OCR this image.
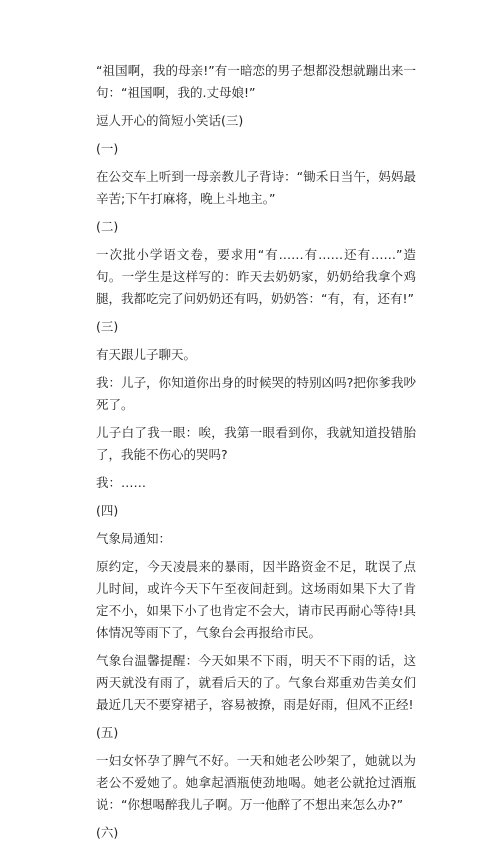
“祖国啊，我的母亲!”有一暗恋的男子想都没想就蹦出来一句：“祖国啊，我的.丈母娘!”

逗人开心的简短小笑话(三)

(一)

在公交车上听到一母亲教儿子背诗：“锄禾日当午，妈妈最辛苦;下午打麻将，晚上斗地主。”

(二)

一次批小学语文卷，要求用“有……有……还有……”造句。一学生是这样写的：昨天去奶奶家，奶奶给我拿个鸡腿，我都吃完了问奶奶还有吗，奶奶答：“有，有，还有!”

(三)

有天跟儿子聊天。

我：儿子，你知道你出身的时候哭的特别凶吗?把你爹我吵死了。

儿子白了我一眼：唉，我第一眼看到你，我就知道投错胎了，我能不伤心的哭吗?

我：……

(四)

气象局通知：

原约定，今天凌晨来的暴雨，因半路资金不足，耽误了点儿时间，或许今天下午至夜间赶到。这场雨如果下大了肯定不小，如果下小了也肯定不会大，请市民再耐心等待!具体情况等雨下了，气象台会再报给市民。

气象台温馨提醒：今天如果不下雨，明天不下雨的话，这两天就没有雨了，就看后天的了。气象台郑重劝告美女们最近几天不要穿裙子，容易被撩，雨是好雨，但风不正经!

(五)

一妇女怀孕了脾气不好。一天和她老公吵架了，她就以为老公不爱她了。她拿起酒瓶使劲地喝。她老公就抢过酒瓶说：“你想喝醉我儿子啊。万一他醉了不想出来怎么办?”

(六)
